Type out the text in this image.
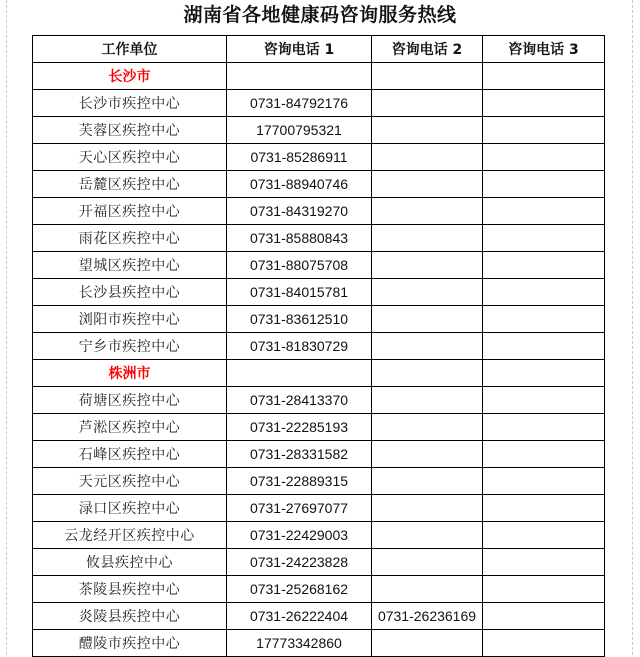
湖南省各地健康码咨询服务热线
工作单位	咨询电话 1	咨询电话 2	咨询电话 3
长沙市			
长沙市疾控中心	0731-84792176		
芙蓉区疾控中心	17700795321		
天心区疾控中心	0731-85286911		
岳麓区疾控中心	0731-88940746		
开福区疾控中心	0731-84319270		
雨花区疾控中心	0731-85880843		
望城区疾控中心	0731-88075708		
长沙县疾控中心	0731-84015781		
浏阳市疾控中心	0731-83612510		
宁乡市疾控中心	0731-81830729		
株洲市			
荷塘区疾控中心	0731-28413370		
芦淞区疾控中心	0731-22285193		
石峰区疾控中心	0731-28331582		
天元区疾控中心	0731-22889315		
渌口区疾控中心	0731-27697077		
云龙经开区疾控中心	0731-22429003		
攸县疾控中心	0731-24223828		
茶陵县疾控中心	0731-25268162		
炎陵县疾控中心	0731-26222404	0731-26236169	
醴陵市疾控中心	17773342860		
